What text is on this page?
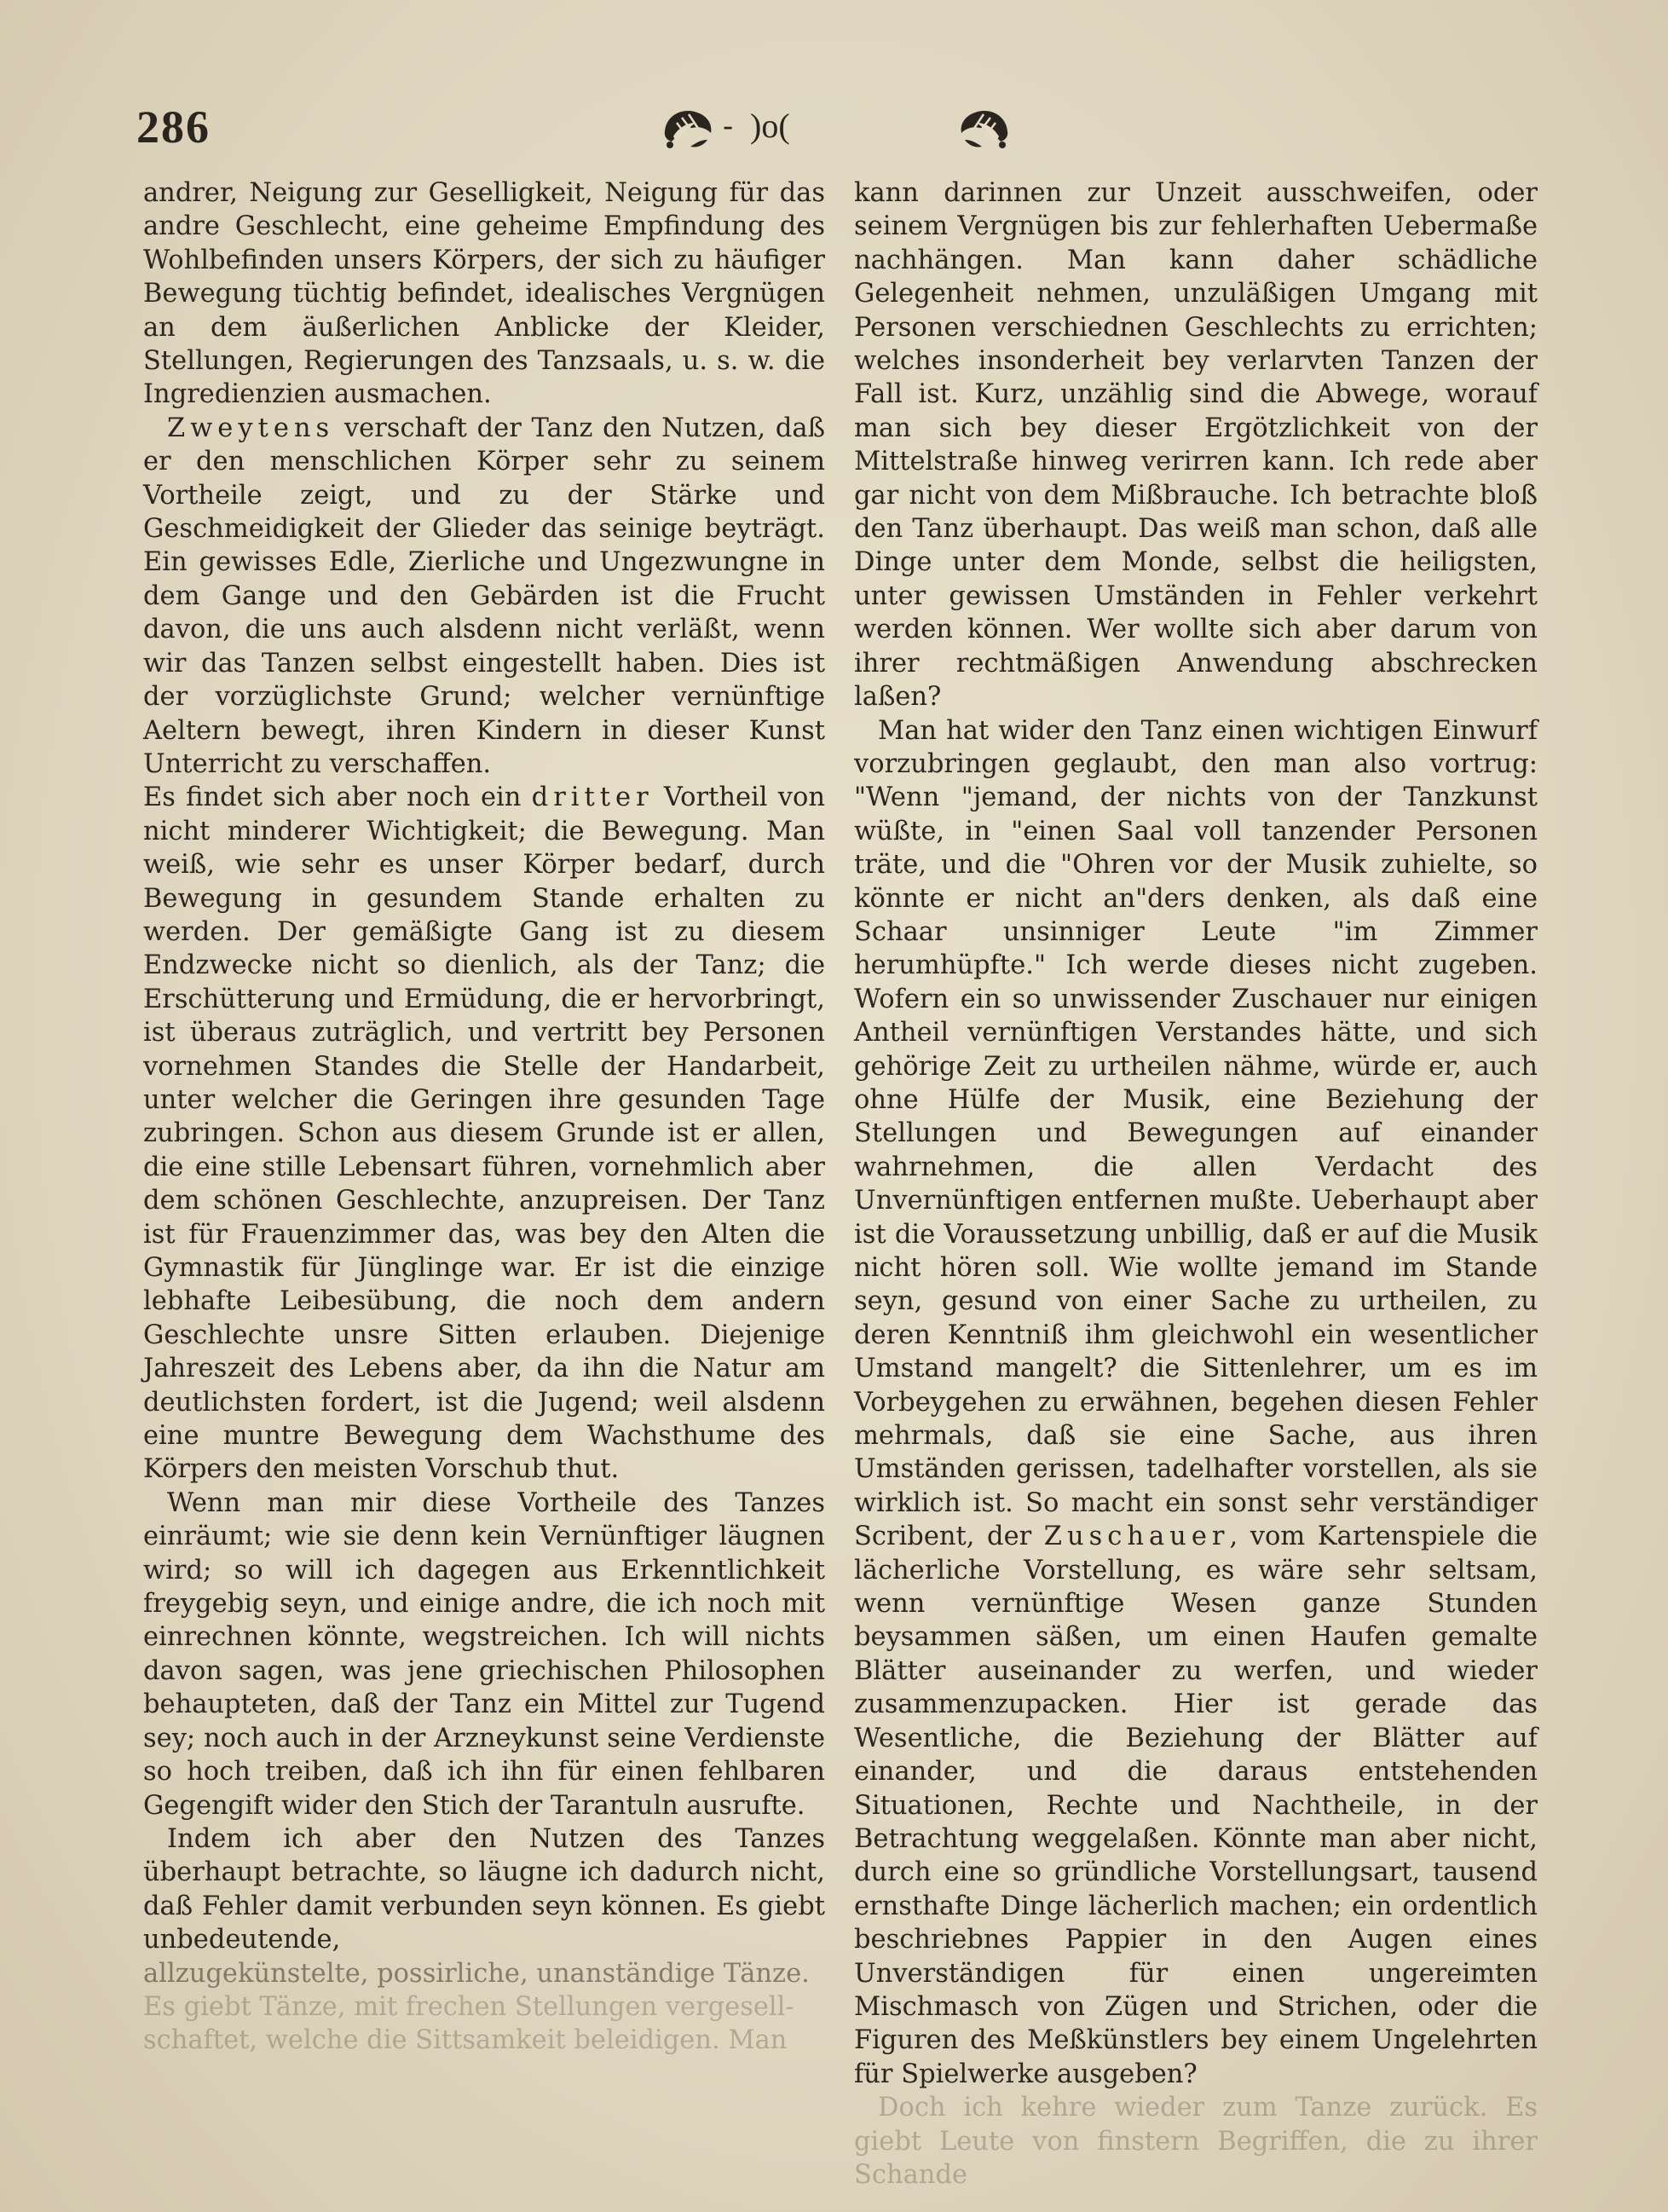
286	- )o(

andrer, Neigung zur Geselligkeit, Neigung für das andre Geschlecht, eine geheime Empfindung des Wohlbefinden unsers Körpers, der sich zu häufiger Bewegung tüchtig befindet, idealisches Vergnügen an dem äußerlichen Anblicke der Kleider, Stellungen, Regierungen des Tanzsaals, u. s. w. die Ingredienzien ausmachen.

Zweytens verschaft der Tanz den Nutzen, daß er den menschlichen Körper sehr zu seinem Vortheile zeigt, und zu der Stärke und Geschmeidigkeit der Glieder das seinige beyträgt. Ein gewisses Edle, Zierliche und Ungezwungne in dem Gange und den Gebärden ist die Frucht davon, die uns auch alsdenn nicht verläßt, wenn wir das Tanzen selbst eingestellt haben. Dies ist der vorzüglichste Grund; welcher vernünftige Aeltern bewegt, ihren Kindern in dieser Kunst Unterricht zu verschaffen.

Es findet sich aber noch ein dritter Vortheil von nicht minderer Wichtigkeit; die Bewegung. Man weiß, wie sehr es unser Körper bedarf, durch Bewegung in gesundem Stande erhalten zu werden. Der gemäßigte Gang ist zu diesem Endzwecke nicht so dienlich, als der Tanz; die Erschütterung und Ermüdung, die er hervorbringt, ist überaus zuträglich, und vertritt bey Personen vornehmen Standes die Stelle der Handarbeit, unter welcher die Geringen ihre gesunden Tage zubringen. Schon aus diesem Grunde ist er allen, die eine stille Lebensart führen, vornehmlich aber dem schönen Geschlechte, anzupreisen. Der Tanz ist für Frauenzimmer das, was bey den Alten die Gymnastik für Jünglinge war. Er ist die einzige lebhafte Leibesübung, die noch dem andern Geschlechte unsre Sitten erlauben. Diejenige Jahreszeit des Lebens aber, da ihn die Natur am deutlichsten fordert, ist die Jugend; weil alsdenn eine muntre Bewegung dem Wachsthume des Körpers den meisten Vorschub thut.

Wenn man mir diese Vortheile des Tanzes einräumt; wie sie denn kein Vernünftiger läugnen wird; so will ich dagegen aus Erkenntlichkeit freygebig seyn, und einige andre, die ich noch mit einrechnen könnte, wegstreichen. Ich will nichts davon sagen, was jene griechischen Philosophen behaupteten, daß der Tanz ein Mittel zur Tugend sey; noch auch in der Arzneykunst seine Verdienste so hoch treiben, daß ich ihn für einen fehlbaren Gegengift wider den Stich der Tarantuln ausrufte.

Indem ich aber den Nutzen des Tanzes überhaupt betrachte, so läugne ich dadurch nicht, daß Fehler damit verbunden seyn können. Es giebt unbedeutende,

allzugekünstelte, possirliche, unanständige Tänze.

Es giebt Tänze, mit frechen Stellungen vergesell-

schaftet, welche die Sittsamkeit beleidigen. Man

kann darinnen zur Unzeit ausschweifen, oder seinem Vergnügen bis zur fehlerhaften Uebermaße nachhängen. Man kann daher schädliche Gelegenheit nehmen, unzuläßigen Umgang mit Personen verschiednen Geschlechts zu errichten; welches insonderheit bey verlarvten Tanzen der Fall ist. Kurz, unzählig sind die Abwege, worauf man sich bey dieser Ergötzlichkeit von der Mittelstraße hinweg verirren kann. Ich rede aber gar nicht von dem Mißbrauche. Ich betrachte bloß den Tanz überhaupt. Das weiß man schon, daß alle Dinge unter dem Monde, selbst die heiligsten, unter gewissen Umständen in Fehler verkehrt werden können. Wer wollte sich aber darum von ihrer rechtmäßigen Anwendung abschrecken laßen?

Man hat wider den Tanz einen wichtigen Einwurf vorzubringen geglaubt, den man also vortrug: "Wenn "jemand, der nichts von der Tanzkunst wüßte, in "einen Saal voll tanzender Personen träte, und die "Ohren vor der Musik zuhielte, so könnte er nicht an"ders denken, als daß eine Schaar unsinniger Leute "im Zimmer herumhüpfte." Ich werde dieses nicht zugeben. Wofern ein so unwissender Zuschauer nur einigen Antheil vernünftigen Verstandes hätte, und sich gehörige Zeit zu urtheilen nähme, würde er, auch ohne Hülfe der Musik, eine Beziehung der Stellungen und Bewegungen auf einander wahrnehmen, die allen Verdacht des Unvernünftigen entfernen mußte. Ueberhaupt aber ist die Voraussetzung unbillig, daß er auf die Musik nicht hören soll. Wie wollte jemand im Stande seyn, gesund von einer Sache zu urtheilen, zu deren Kenntniß ihm gleichwohl ein wesentlicher Umstand mangelt? die Sittenlehrer, um es im Vorbeygehen zu erwähnen, begehen diesen Fehler mehrmals, daß sie eine Sache, aus ihren Umständen gerissen, tadelhafter vorstellen, als sie wirklich ist. So macht ein sonst sehr verständiger Scribent, der Zuschauer, vom Kartenspiele die lächerliche Vorstellung, es wäre sehr seltsam, wenn vernünftige Wesen ganze Stunden beysammen säßen, um einen Haufen gemalte Blätter auseinander zu werfen, und wieder zusammenzupacken. Hier ist gerade das Wesentliche, die Beziehung der Blätter auf einander, und die daraus entstehenden Situationen, Rechte und Nachtheile, in der Betrachtung weggelaßen. Könnte man aber nicht, durch eine so gründliche Vorstellungsart, tausend ernsthafte Dinge lächerlich machen; ein ordentlich beschriebnes Pappier in den Augen eines Unverständigen für einen ungereimten Mischmasch von Zügen und Strichen, oder die Figuren des Meßkünstlers bey einem Ungelehrten für Spielwerke ausgeben?

Doch ich kehre wieder zum Tanze zurück. Es giebt Leute von finstern Begriffen, die zu ihrer Schande
